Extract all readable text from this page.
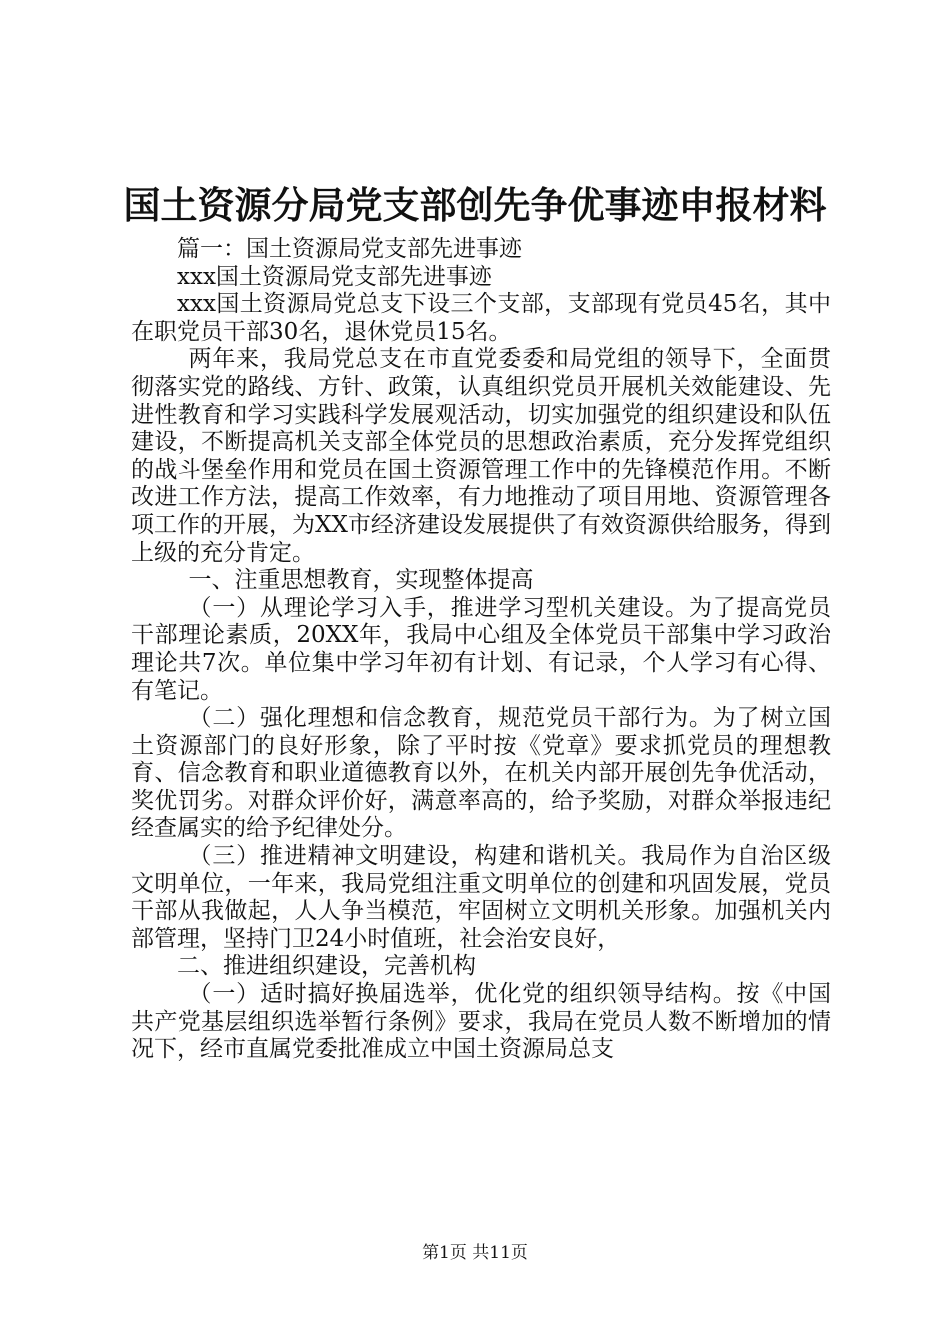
国土资源分局党支部创先争优事迹申报材料

篇一：国土资源局党支部先进事迹

xxx国土资源局党支部先进事迹

xxx国土资源局党总支下设三个支部，支部现有党员45名，其中在职党员干部30名，退休党员15名。

两年来，我局党总支在市直党委委和局党组的领导下，全面贯彻落实党的路线、方针、政策，认真组织党员开展机关效能建设、先进性教育和学习实践科学发展观活动，切实加强党的组织建设和队伍建设，不断提高机关支部全体党员的思想政治素质，充分发挥党组织的战斗堡垒作用和党员在国土资源管理工作中的先锋模范作用。不断改进工作方法，提高工作效率，有力地推动了项目用地、资源管理各项工作的开展，为XX市经济建设发展提供了有效资源供给服务，得到上级的充分肯定。

一、注重思想教育，实现整体提高

（一）从理论学习入手，推进学习型机关建设。为了提高党员干部理论素质，20XX年，我局中心组及全体党员干部集中学习政治理论共7次。单位集中学习年初有计划、有记录，个人学习有心得、有笔记。

（二）强化理想和信念教育，规范党员干部行为。为了树立国土资源部门的良好形象，除了平时按《党章》要求抓党员的理想教育、信念教育和职业道德教育以外，在机关内部开展创先争优活动，奖优罚劣。对群众评价好，满意率高的，给予奖励，对群众举报违纪经查属实的给予纪律处分。

（三）推进精神文明建设，构建和谐机关。我局作为自治区级文明单位，一年来，我局党组注重文明单位的创建和巩固发展，党员干部从我做起，人人争当模范，牢固树立文明机关形象。加强机关内部管理，坚持门卫24小时值班，社会治安良好，

二、推进组织建设，完善机构

（一）适时搞好换届选举，优化党的组织领导结构。按《中国共产党基层组织选举暂行条例》要求，我局在党员人数不断增加的情况下，经市直属党委批准成立中国土资源局总支

第1页 共11页
